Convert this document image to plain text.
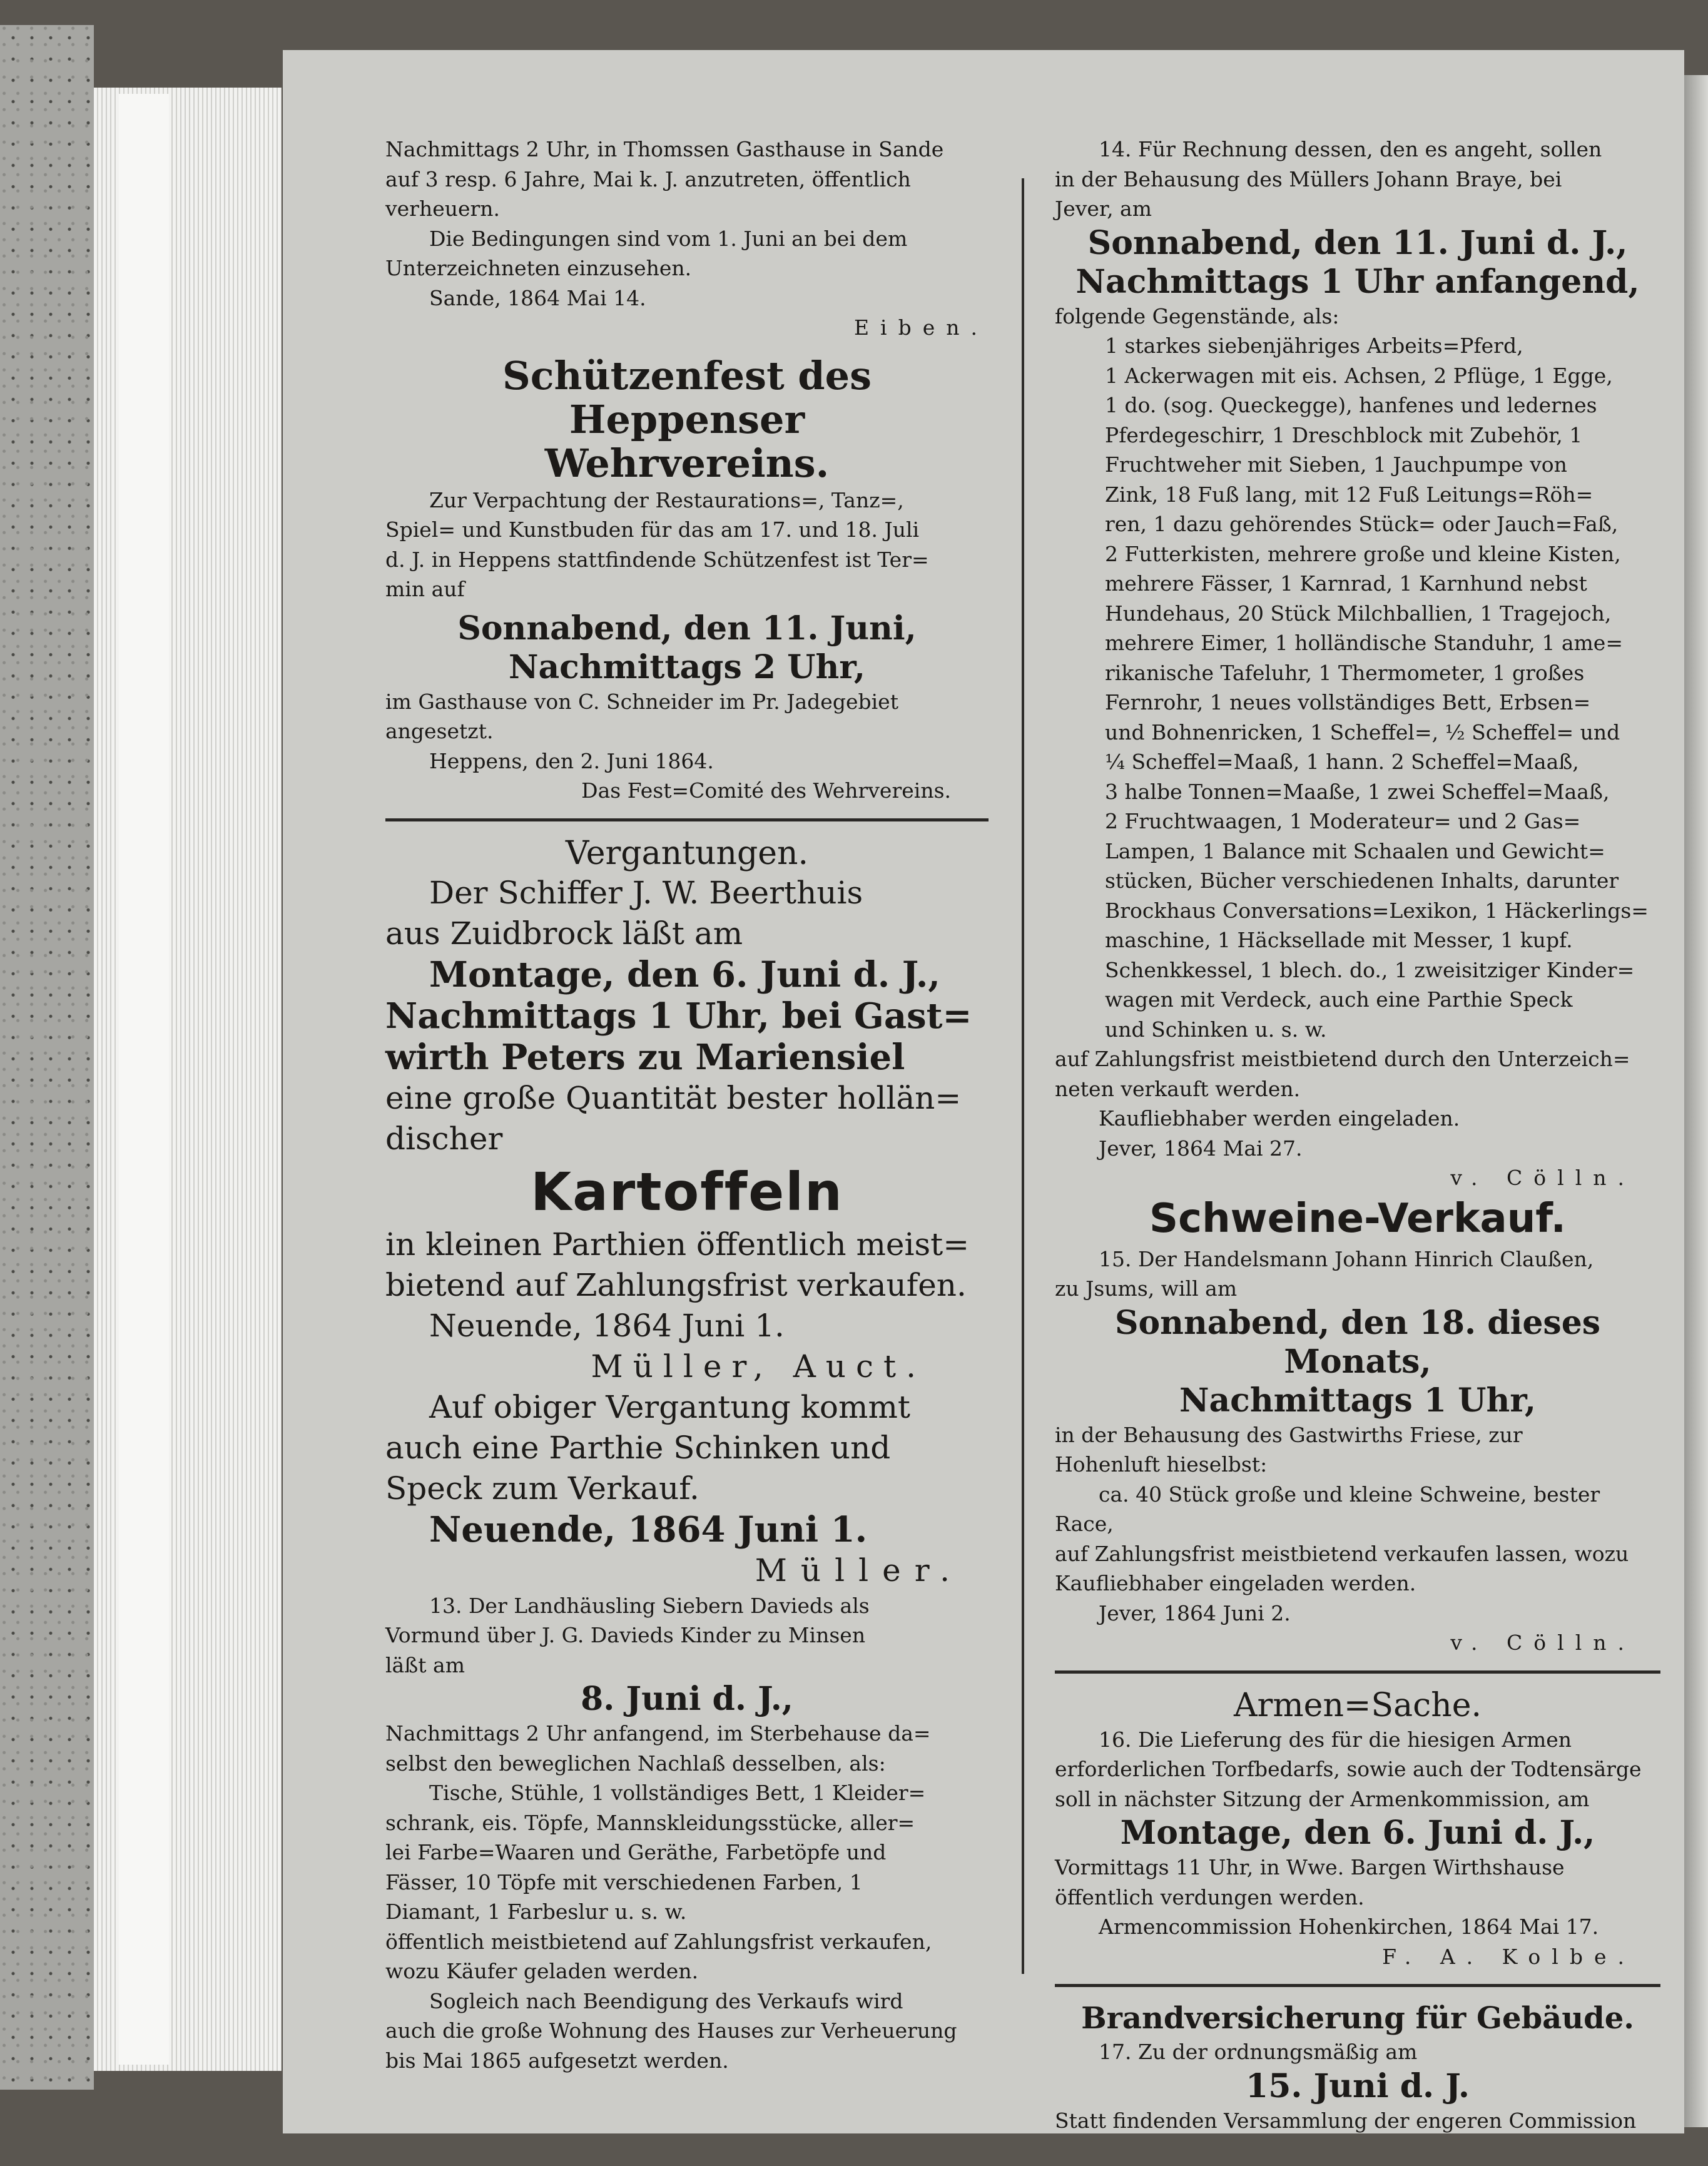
Nachmittags 2 Uhr, in Thomssen Gasthause in Sande
auf 3 resp. 6 Jahre, Mai k. J. anzutreten, öffentlich
verheuern.

Die Bedingungen sind vom 1. Juni an bei dem
Unterzeichneten einzusehen.

Sande, 1864 Mai 14.

Eiben.

Schützenfest des Heppenser
Wehrvereins.

Zur Verpachtung der Restaurations=, Tanz=,
Spiel= und Kunstbuden für das am 17. und 18. Juli
d. J. in Heppens stattfindende Schützenfest ist Ter=
min auf

Sonnabend, den 11. Juni,

Nachmittags 2 Uhr,

im Gasthause von C. Schneider im Pr. Jadegebiet
angesetzt.

Heppens, den 2. Juni 1864.

Das Fest=Comité des Wehrvereins.

Vergantungen.

Der Schiffer J. W. Beerthuis
aus Zuidbrock läßt am

Montage, den 6. Juni d. J.,
Nachmittags 1 Uhr, bei Gast=
wirth Peters zu Mariensiel

eine große Quantität bester hollän=
discher

Kartoffeln

in kleinen Parthien öffentlich meist=
bietend auf Zahlungsfrist verkaufen.

Neuende, 1864 Juni 1.

Müller, Auct.

Auf obiger Vergantung kommt
auch eine Parthie Schinken und
Speck zum Verkauf.

Neuende, 1864 Juni 1.

Müller.

13. Der Landhäusling Siebern Davieds als
Vormund über J. G. Davieds Kinder zu Minsen
läßt am

8. Juni d. J.,

Nachmittags 2 Uhr anfangend, im Sterbehause da=
selbst den beweglichen Nachlaß desselben, als:

Tische, Stühle, 1 vollständiges Bett, 1 Kleider=
schrank, eis. Töpfe, Mannskleidungsstücke, aller=
lei Farbe=Waaren und Geräthe, Farbetöpfe und
Fässer, 10 Töpfe mit verschiedenen Farben, 1
Diamant, 1 Farbeslur u. s. w.

öffentlich meistbietend auf Zahlungsfrist verkaufen,
wozu Käufer geladen werden.

Sogleich nach Beendigung des Verkaufs wird
auch die große Wohnung des Hauses zur Verheuerung
bis Mai 1865 aufgesetzt werden.

14. Für Rechnung dessen, den es angeht, sollen
in der Behausung des Müllers Johann Braye, bei
Jever, am

Sonnabend, den 11. Juni d. J.,
Nachmittags 1 Uhr anfangend,

folgende Gegenstände, als:

1 starkes siebenjähriges Arbeits=Pferd,
1 Ackerwagen mit eis. Achsen, 2 Pflüge, 1 Egge,
1 do. (sog. Queckegge), hanfenes und ledernes
Pferdegeschirr, 1 Dreschblock mit Zubehör, 1
Fruchtweher mit Sieben, 1 Jauchpumpe von
Zink, 18 Fuß lang, mit 12 Fuß Leitungs=Röh=
ren, 1 dazu gehörendes Stück= oder Jauch=Faß,
2 Futterkisten, mehrere große und kleine Kisten,
mehrere Fässer, 1 Karnrad, 1 Karnhund nebst
Hundehaus, 20 Stück Milchballien, 1 Tragejoch,
mehrere Eimer, 1 holländische Standuhr, 1 ame=
rikanische Tafeluhr, 1 Thermometer, 1 großes
Fernrohr, 1 neues vollständiges Bett, Erbsen=
und Bohnenricken, 1 Scheffel=, ½ Scheffel= und
¼ Scheffel=Maaß, 1 hann. 2 Scheffel=Maaß,
3 halbe Tonnen=Maaße, 1 zwei Scheffel=Maaß,
2 Fruchtwaagen, 1 Moderateur= und 2 Gas=
Lampen, 1 Balance mit Schaalen und Gewicht=
stücken, Bücher verschiedenen Inhalts, darunter
Brockhaus Conversations=Lexikon, 1 Häckerlings=
maschine, 1 Häcksellade mit Messer, 1 kupf.
Schenkkessel, 1 blech. do., 1 zweisitziger Kinder=
wagen mit Verdeck, auch eine Parthie Speck
und Schinken u. s. w.

auf Zahlungsfrist meistbietend durch den Unterzeich=
neten verkauft werden.

Kaufliebhaber werden eingeladen.

Jever, 1864 Mai 27.

v. Cölln.

Schweine-Verkauf.

15. Der Handelsmann Johann Hinrich Claußen,
zu Jsums, will am

Sonnabend, den 18. dieses Monats,
Nachmittags 1 Uhr,

in der Behausung des Gastwirths Friese, zur
Hohenluft hieselbst:

ca. 40 Stück große und kleine Schweine, bester
Race,

auf Zahlungsfrist meistbietend verkaufen lassen, wozu
Kaufliebhaber eingeladen werden.

Jever, 1864 Juni 2.

v. Cölln.

Armen=Sache.

16. Die Lieferung des für die hiesigen Armen
erforderlichen Torfbedarfs, sowie auch der Todtensärge
soll in nächster Sitzung der Armenkommission, am

Montage, den 6. Juni d. J.,

Vormittags 11 Uhr, in Wwe. Bargen Wirthshause
öffentlich verdungen werden.

Armencommission Hohenkirchen, 1864 Mai 17.

F. A. Kolbe.

Brandversicherung für Gebäude.

17. Zu der ordnungsmäßig am

15. Juni d. J.

Statt findenden Versammlung der engeren Commission
